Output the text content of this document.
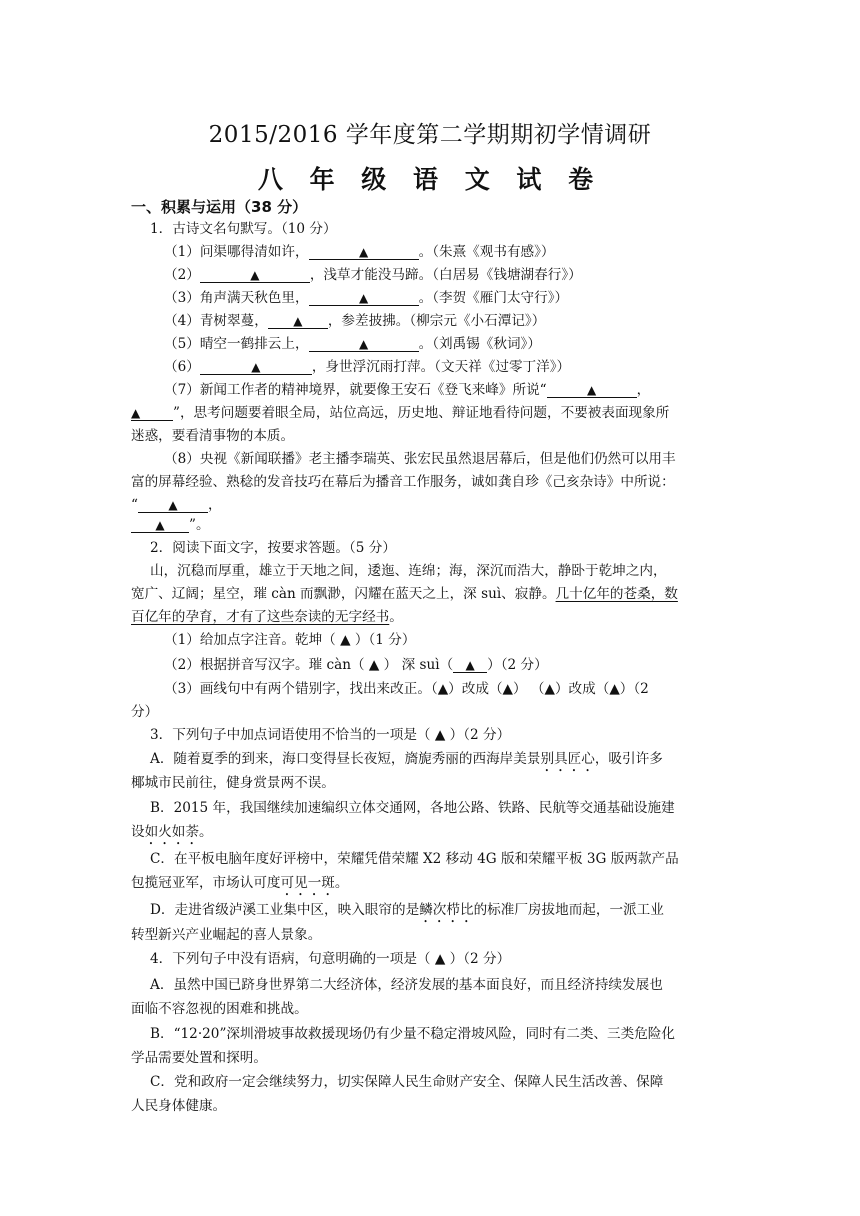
2015/2016 学年度第二学期期初学情调研
八 年 级 语 文 试 卷
一、积累与运用（38 分）
1．古诗文名句默写。（10 分）
（1）问渠哪得清如许，	▲	。（朱熹《观书有感》）
（2）	▲	，浅草才能没马蹄。（白居易《钱塘湖春行》）
（3）角声满天秋色里，	▲	。（李贺《雁门太守行》）
（4）青树翠蔓， ▲ ，参差披拂。（柳宗元《小石潭记》）
（5）晴空一鹤排云上，	▲	。（刘禹锡《秋词》）
（6）	▲	，身世浮沉雨打萍。（文天祥《过零丁洋》）
（7）新闻工作者的精神境界，就要像王安石《登飞来峰》所说“	▲	，
▲ ”，思考问题要着眼全局，站位高远，历史地、辩证地看待问题，不要被表面现象所
迷惑，要看清事物的本质。
（8）央视《新闻联播》老主播李瑞英、张宏民虽然退居幕后，但是他们仍然可以用丰
富的屏幕经验、熟稔的发音技巧在幕后为播音工作服务，诚如龚自珍《己亥杂诗》中所说：
“	▲ ，
▲ ”。
2．阅读下面文字，按要求答题。（5 分）
山，沉稳而厚重，雄立于天地之间，逶迤、连绵；海，深沉而浩大，静卧于乾坤之内，
宽广、辽阔；星空，璀 càn 而飘渺，闪耀在蓝天之上，深 suì、寂静。几十亿年的苍桑，数
百亿年的孕育，才有了这些奈读的无字经书。
（1）给加点字注音。乾坤（ ▲ ）（1 分）
（2）根据拼音写汉字。璀 càn（ ▲ ） 深 suì（ ▲ ）（2 分）
（3）画线句中有两个错别字，找出来改正。（▲）改成（▲） （▲）改成（▲）（2
分）
3．下列句子中加点词语使用不恰当的一项是（ ▲ ）（2 分）
A．随着夏季的到来，海口变得昼长夜短，旖旎秀丽的西海岸美景别具匠心，吸引许多
椰城市民前往，健身赏景两不误。
B．2015 年，我国继续加速编织立体交通网，各地公路、铁路、民航等交通基础设施建
设如火如荼。
C．在平板电脑年度好评榜中，荣耀凭借荣耀 X2 移动 4G 版和荣耀平板 3G 版两款产品
包揽冠亚军，市场认可度可见一斑。
D．走进省级泸溪工业集中区，映入眼帘的是鳞次栉比的标准厂房拔地而起，一派工业
转型新兴产业崛起的喜人景象。
4．下列句子中没有语病，句意明确的一项是（ ▲ ）（2 分）
A．虽然中国已跻身世界第二大经济体，经济发展的基本面良好，而且经济持续发展也
面临不容忽视的困难和挑战。
B．“12·20”深圳滑坡事故救援现场仍有少量不稳定滑坡风险，同时有二类、三类危险化
学品需要处置和探明。
C．党和政府一定会继续努力，切实保障人民生命财产安全、保障人民生活改善、保障
人民身体健康。
